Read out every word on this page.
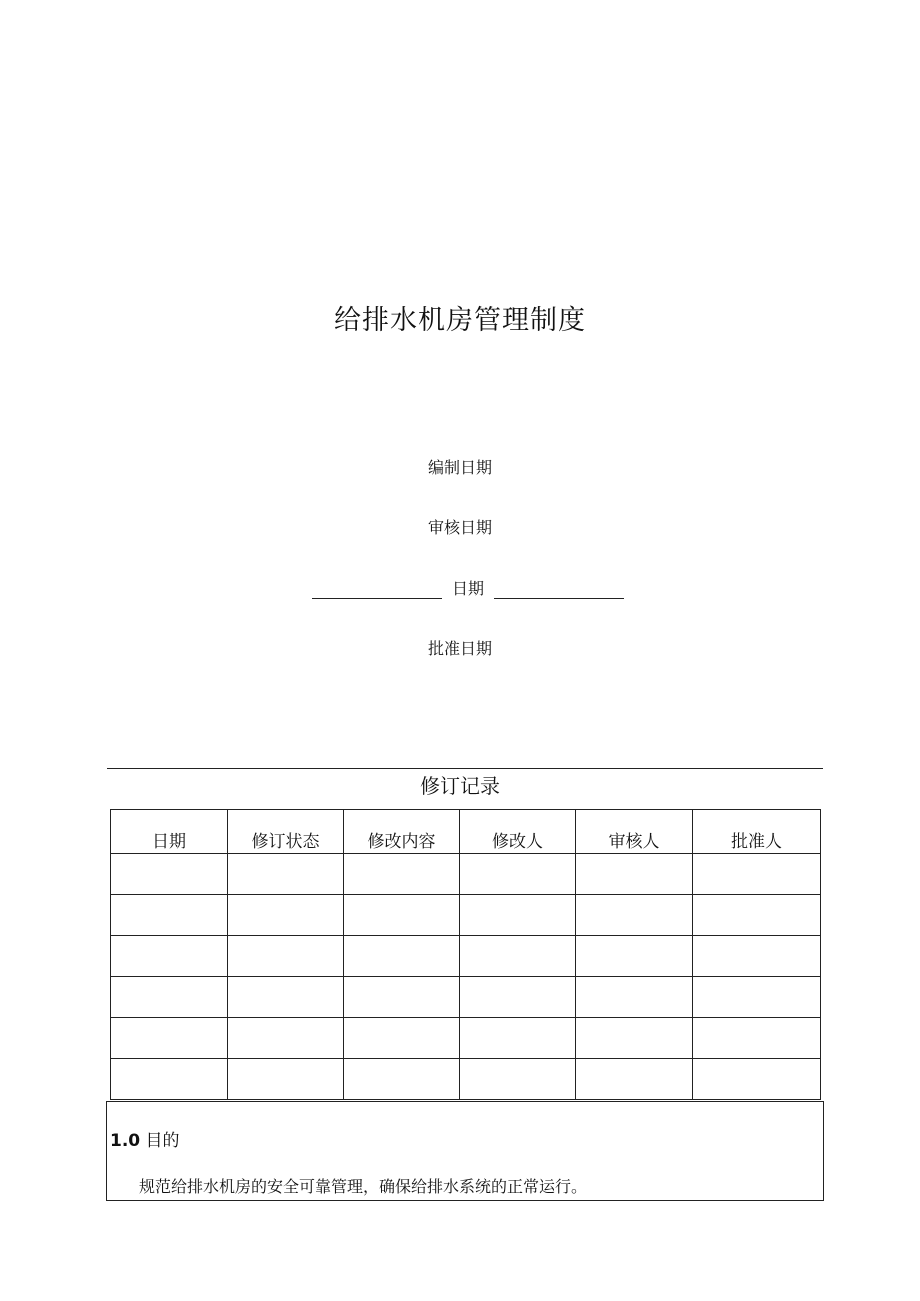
给排水机房管理制度
编制日期
审核日期
日期
批准日期
修订记录
日期	修订状态	修改内容	修改人	审核人	批准人

1.0 目的
规范给排水机房的安全可靠管理，确保给排水系统的正常运行。
